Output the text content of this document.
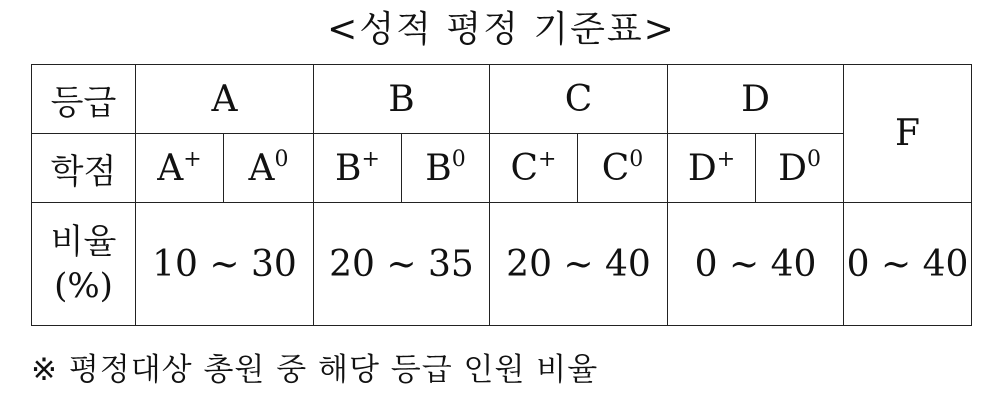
<성적 평정 기준표>
등급	A		B		C		D		F
학점	A+	$A^0$	B+	$B^0$	C+	$C^0$	D+	$D^0$
비율
(%)	10 ~ 30		20 ~ 35		20 ~ 40		0 ~ 40		0 ~ 40
※ 평정대상 총원 중 해당 등급 인원 비율
